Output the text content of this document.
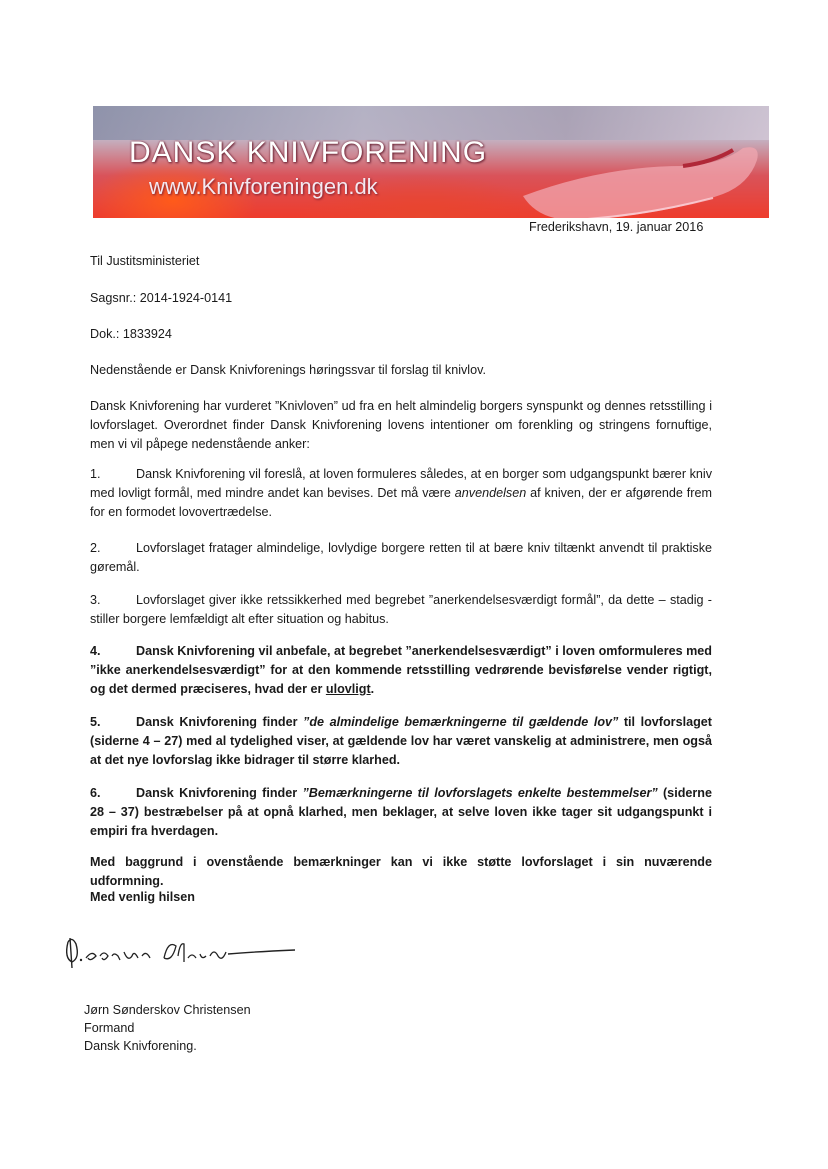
DANSK KNIVFORENING
www.Knivforeningen.dk
Frederikshavn, 19. januar 2016
Til Justitsministeriet
Sagsnr.: 2014-1924-0141
Dok.: 1833924
Nedenstående er Dansk Knivforenings høringssvar til forslag til knivlov.
Dansk Knivforening har vurderet ”Knivloven” ud fra en helt almindelig borgers synspunkt og dennes retsstilling i lovforslaget. Overordnet finder Dansk Knivforening lovens intentioner om forenkling og stringens fornuftige, men vi vil påpege nedenstående anker:
1.	Dansk Knivforening vil foreslå, at loven formuleres således, at en borger som udgangspunkt bærer kniv med lovligt formål, med mindre andet kan bevises. Det må være anvendelsen af kniven, der er afgørende frem for en formodet lovovertrædelse.
2.	Lovforslaget fratager almindelige, lovlydige borgere retten til at bære kniv tiltænkt anvendt til praktiske gøremål.
3.	Lovforslaget giver ikke retssikkerhed med begrebet ”anerkendelsesværdigt formål”, da dette – stadig - stiller borgere lemfældigt alt efter situation og habitus.
4.	Dansk Knivforening vil anbefale, at begrebet ”anerkendelsesværdigt” i loven omformuleres med ”ikke anerkendelsesværdigt” for at den kommende retsstilling vedrørende bevisførelse vender rigtigt, og det dermed præciseres, hvad der er ulovligt.
5.	Dansk Knivforening finder ”de almindelige bemærkningerne til gældende lov” til lovforslaget (siderne 4 – 27) med al tydelighed viser, at gældende lov har været vanskelig at administrere, men også at det nye lovforslag ikke bidrager til større klarhed.
6.	Dansk Knivforening finder ”Bemærkningerne til lovforslagets enkelte bestemmelser” (siderne 28 – 37) bestræbelser på at opnå klarhed, men beklager, at selve loven ikke tager sit udgangspunkt i empiri fra hverdagen.
Med baggrund i ovenstående bemærkninger kan vi ikke støtte lovforslaget i sin nuværende udformning.
Med venlig hilsen
Jørn Sønderskov Christensen
Formand
Dansk Knivforening.
